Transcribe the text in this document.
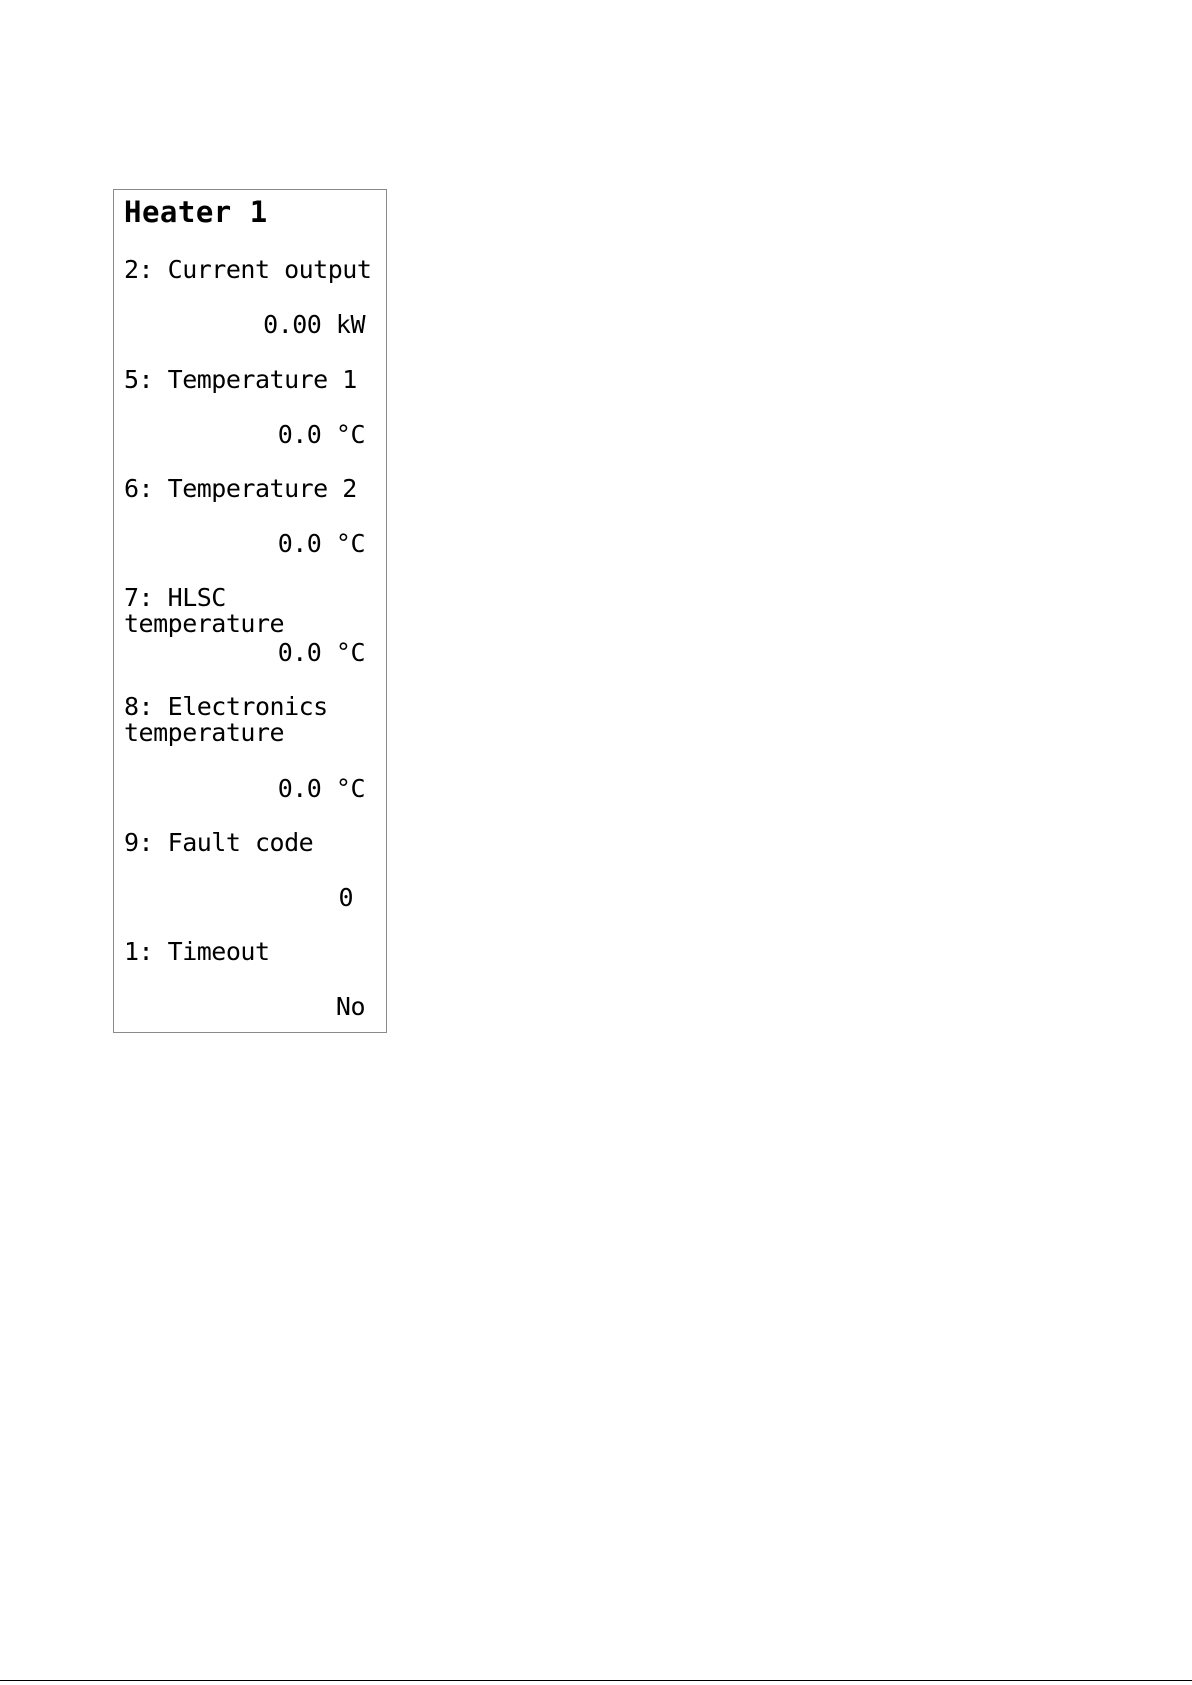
Heater 1
2: Current output
0.00 kW
5: Temperature 1
0.0 °C
6: Temperature 2
0.0 °C
7: HLSC temperature
0.0 °C
8: Electronics
temperature
0.0 °C
9: Fault code
0
1: Timeout
No
